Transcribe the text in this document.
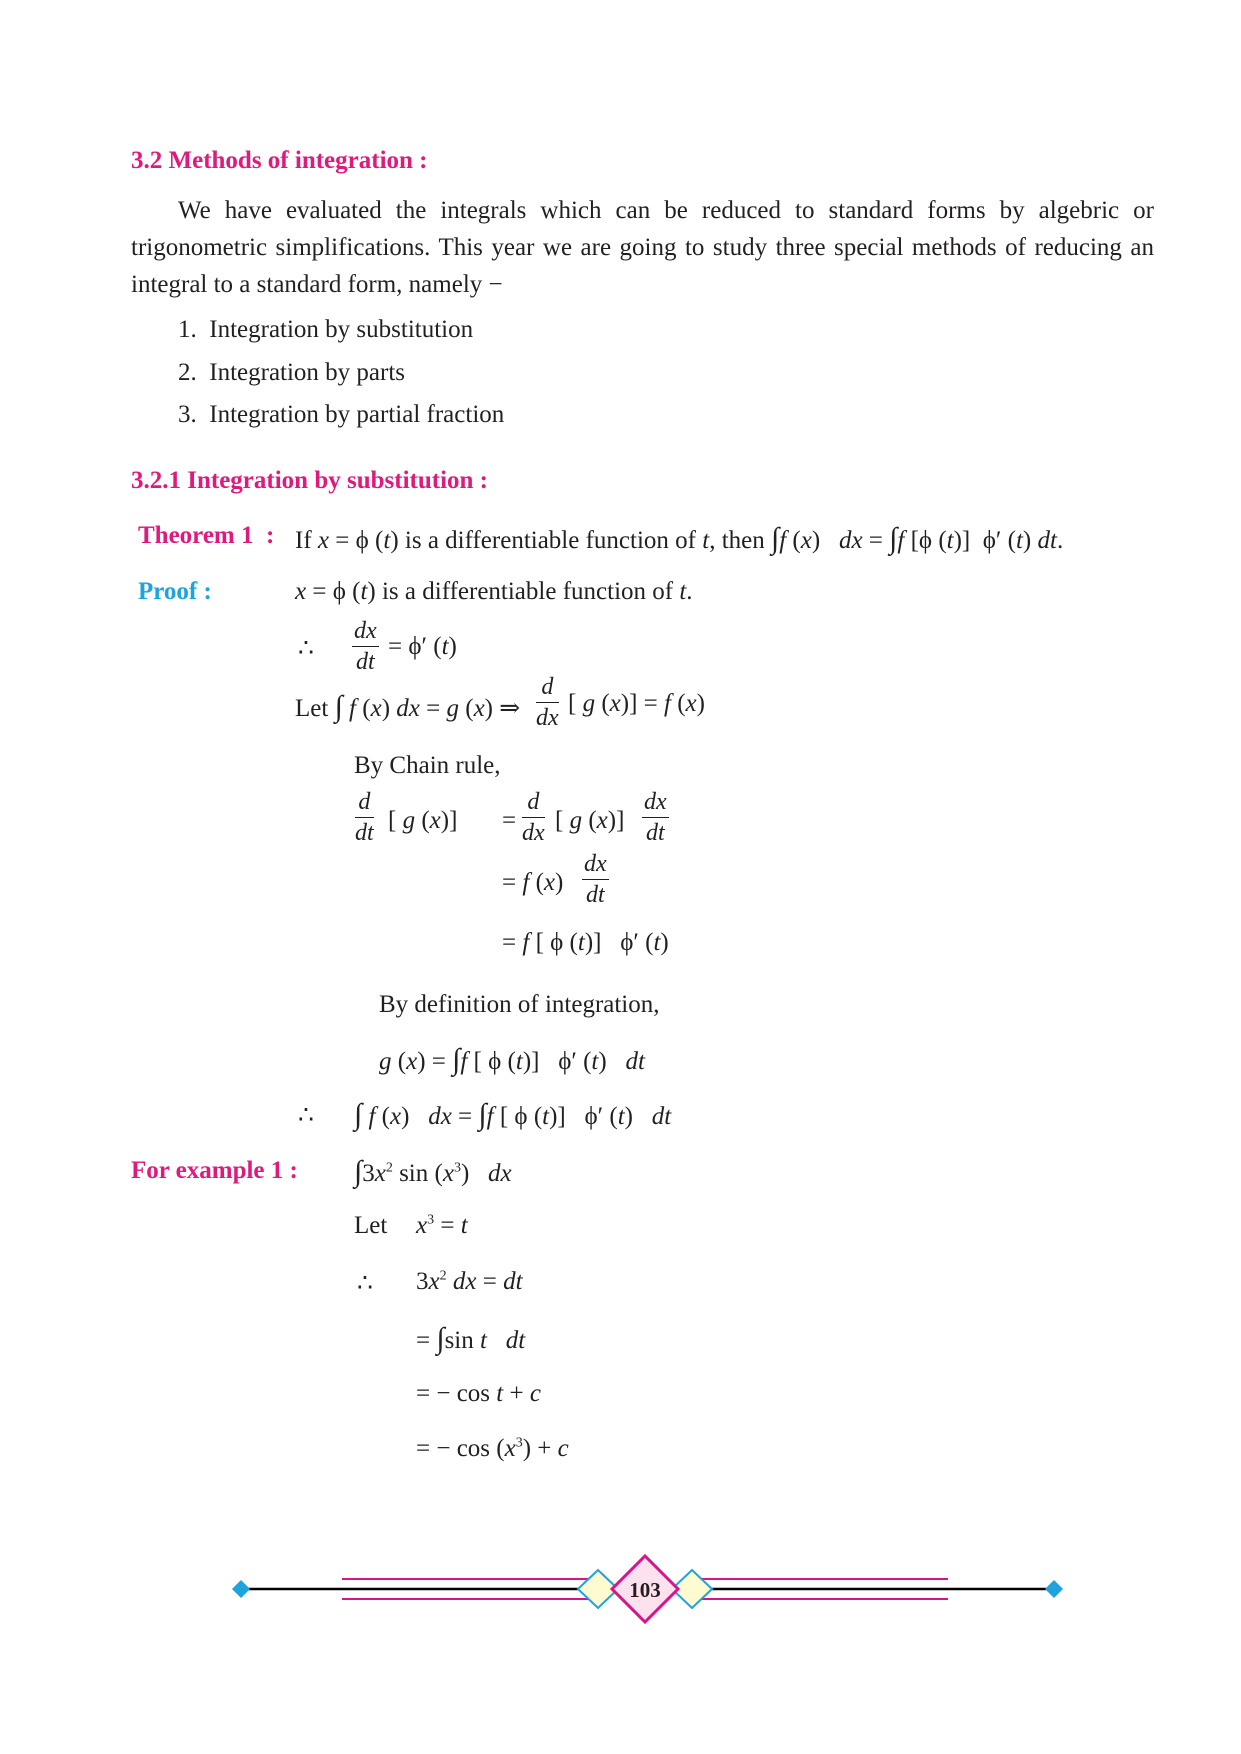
3.2 Methods of integration :
We have evaluated the integrals which can be reduced to standard forms by algebric or trigonometric simplifications. This year we are going to study three special methods of reducing an integral to a standard form, namely −
1. Integration by substitution
2. Integration by parts
3. Integration by partial fraction
3.2.1 Integration by substitution :
Theorem 1 : If x = ϕ (t) is a differentiable function of t, then ∫f (x)   dx = ∫f [ϕ (t)]  ϕ′ (t) dt.
Proof :	x = ϕ (t) is a differentiable function of t.
∴ $\frac{dx}{dt} = \phi'$ (t)
Let ∫ f (x) dx = g (x) ⇒ $\frac{d}{dx}$ [ g (x)] = f (x)
By Chain rule,
$\frac{d}{dt}$ [ g $(x)] = \frac{d}{dx}$ [ g $(x)] \frac{dx}{dt}$
= f $(x) \frac{dx}{dt}$
= f [ ϕ (t)]   ϕ′ (t)
By definition of integration,
g (x) = ∫f [ ϕ (t)]   ϕ′ (t)   dt
∴ ∫ f (x)   dx = ∫f [ ϕ (t)]   ϕ′ (t)   dt
For example 1 : $\int 3x^2$ $\sin (x^3)$   dx
Let $x^3 = t$
∴ $3x^2$ dx = dt
= ∫sin t dt
= − cos t + c
= − $\cos (x^3) + c$
103
